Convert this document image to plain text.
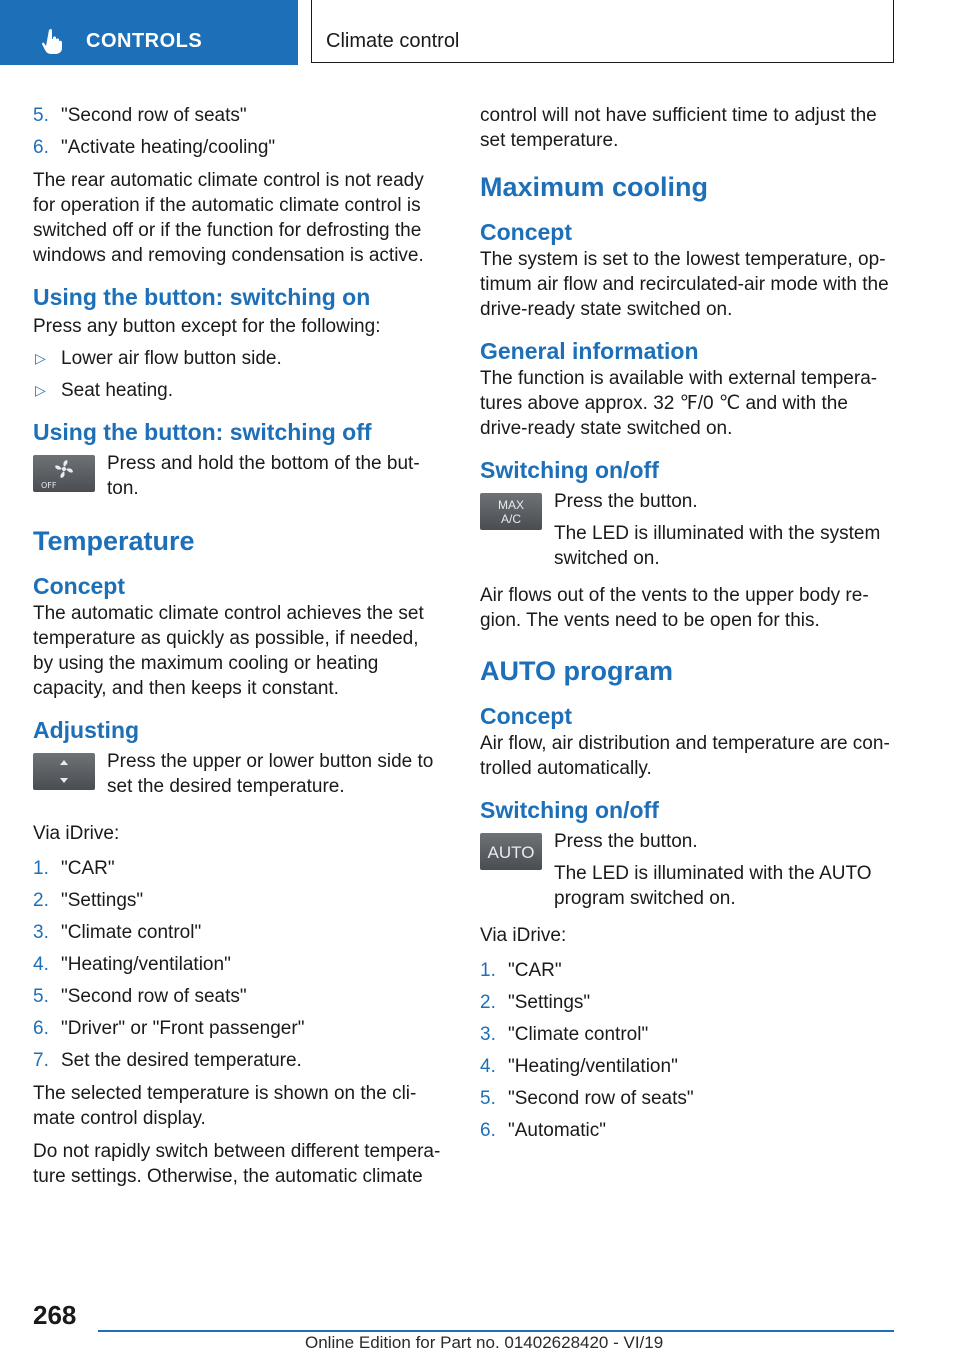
CONTROLS	Climate control
5. "Second row of seats"
6. "Activate heating/cooling"

The rear automatic climate control is not ready for operation if the automatic climate control is switched off or if the function for defrosting the windows and removing condensation is active.

Using the button: switching on

Press any button except for the following:

▷ Lower air flow button side.
▷ Seat heating.
Using the button: switching off
OFF

Press and hold the bottom of the button.

Temperature
Concept

The automatic climate control achieves the set temperature as quickly as possible, if needed, by using the maximum cooling or heating capacity, and then keeps it constant.

Adjusting

Press the upper or lower button side to set the desired temperature.

Via iDrive:

1. "CAR"
2. "Settings"
3. "Climate control"
4. "Heating/ventilation"
5. "Second row of seats"
6. "Driver" or "Front passenger"
7. Set the desired temperature.

The selected temperature is shown on the climate control display.

Do not rapidly switch between different temperature settings. Otherwise, the automatic climate

control will not have sufficient time to adjust the set temperature.

Maximum cooling
Concept

The system is set to the lowest temperature, optimum air flow and recirculated-air mode with the drive-ready state switched on.

General information

The function is available with external temperatures above approx. 32 ℉/0 ℃ and with the drive-ready state switched on.

Switching on/off
MAX
A/C

Press the button.

The LED is illuminated with the system switched on.

Air flows out of the vents to the upper body region. The vents need to be open for this.

AUTO program
Concept

Air flow, air distribution and temperature are controlled automatically.

Switching on/off
AUTO

Press the button.

The LED is illuminated with the AUTO program switched on.

Via iDrive:

1. "CAR"
2. "Settings"
3. "Climate control"
4. "Heating/ventilation"
5. "Second row of seats"
6. "Automatic"
268
Online Edition for Part no. 01402628420 - VI/19
